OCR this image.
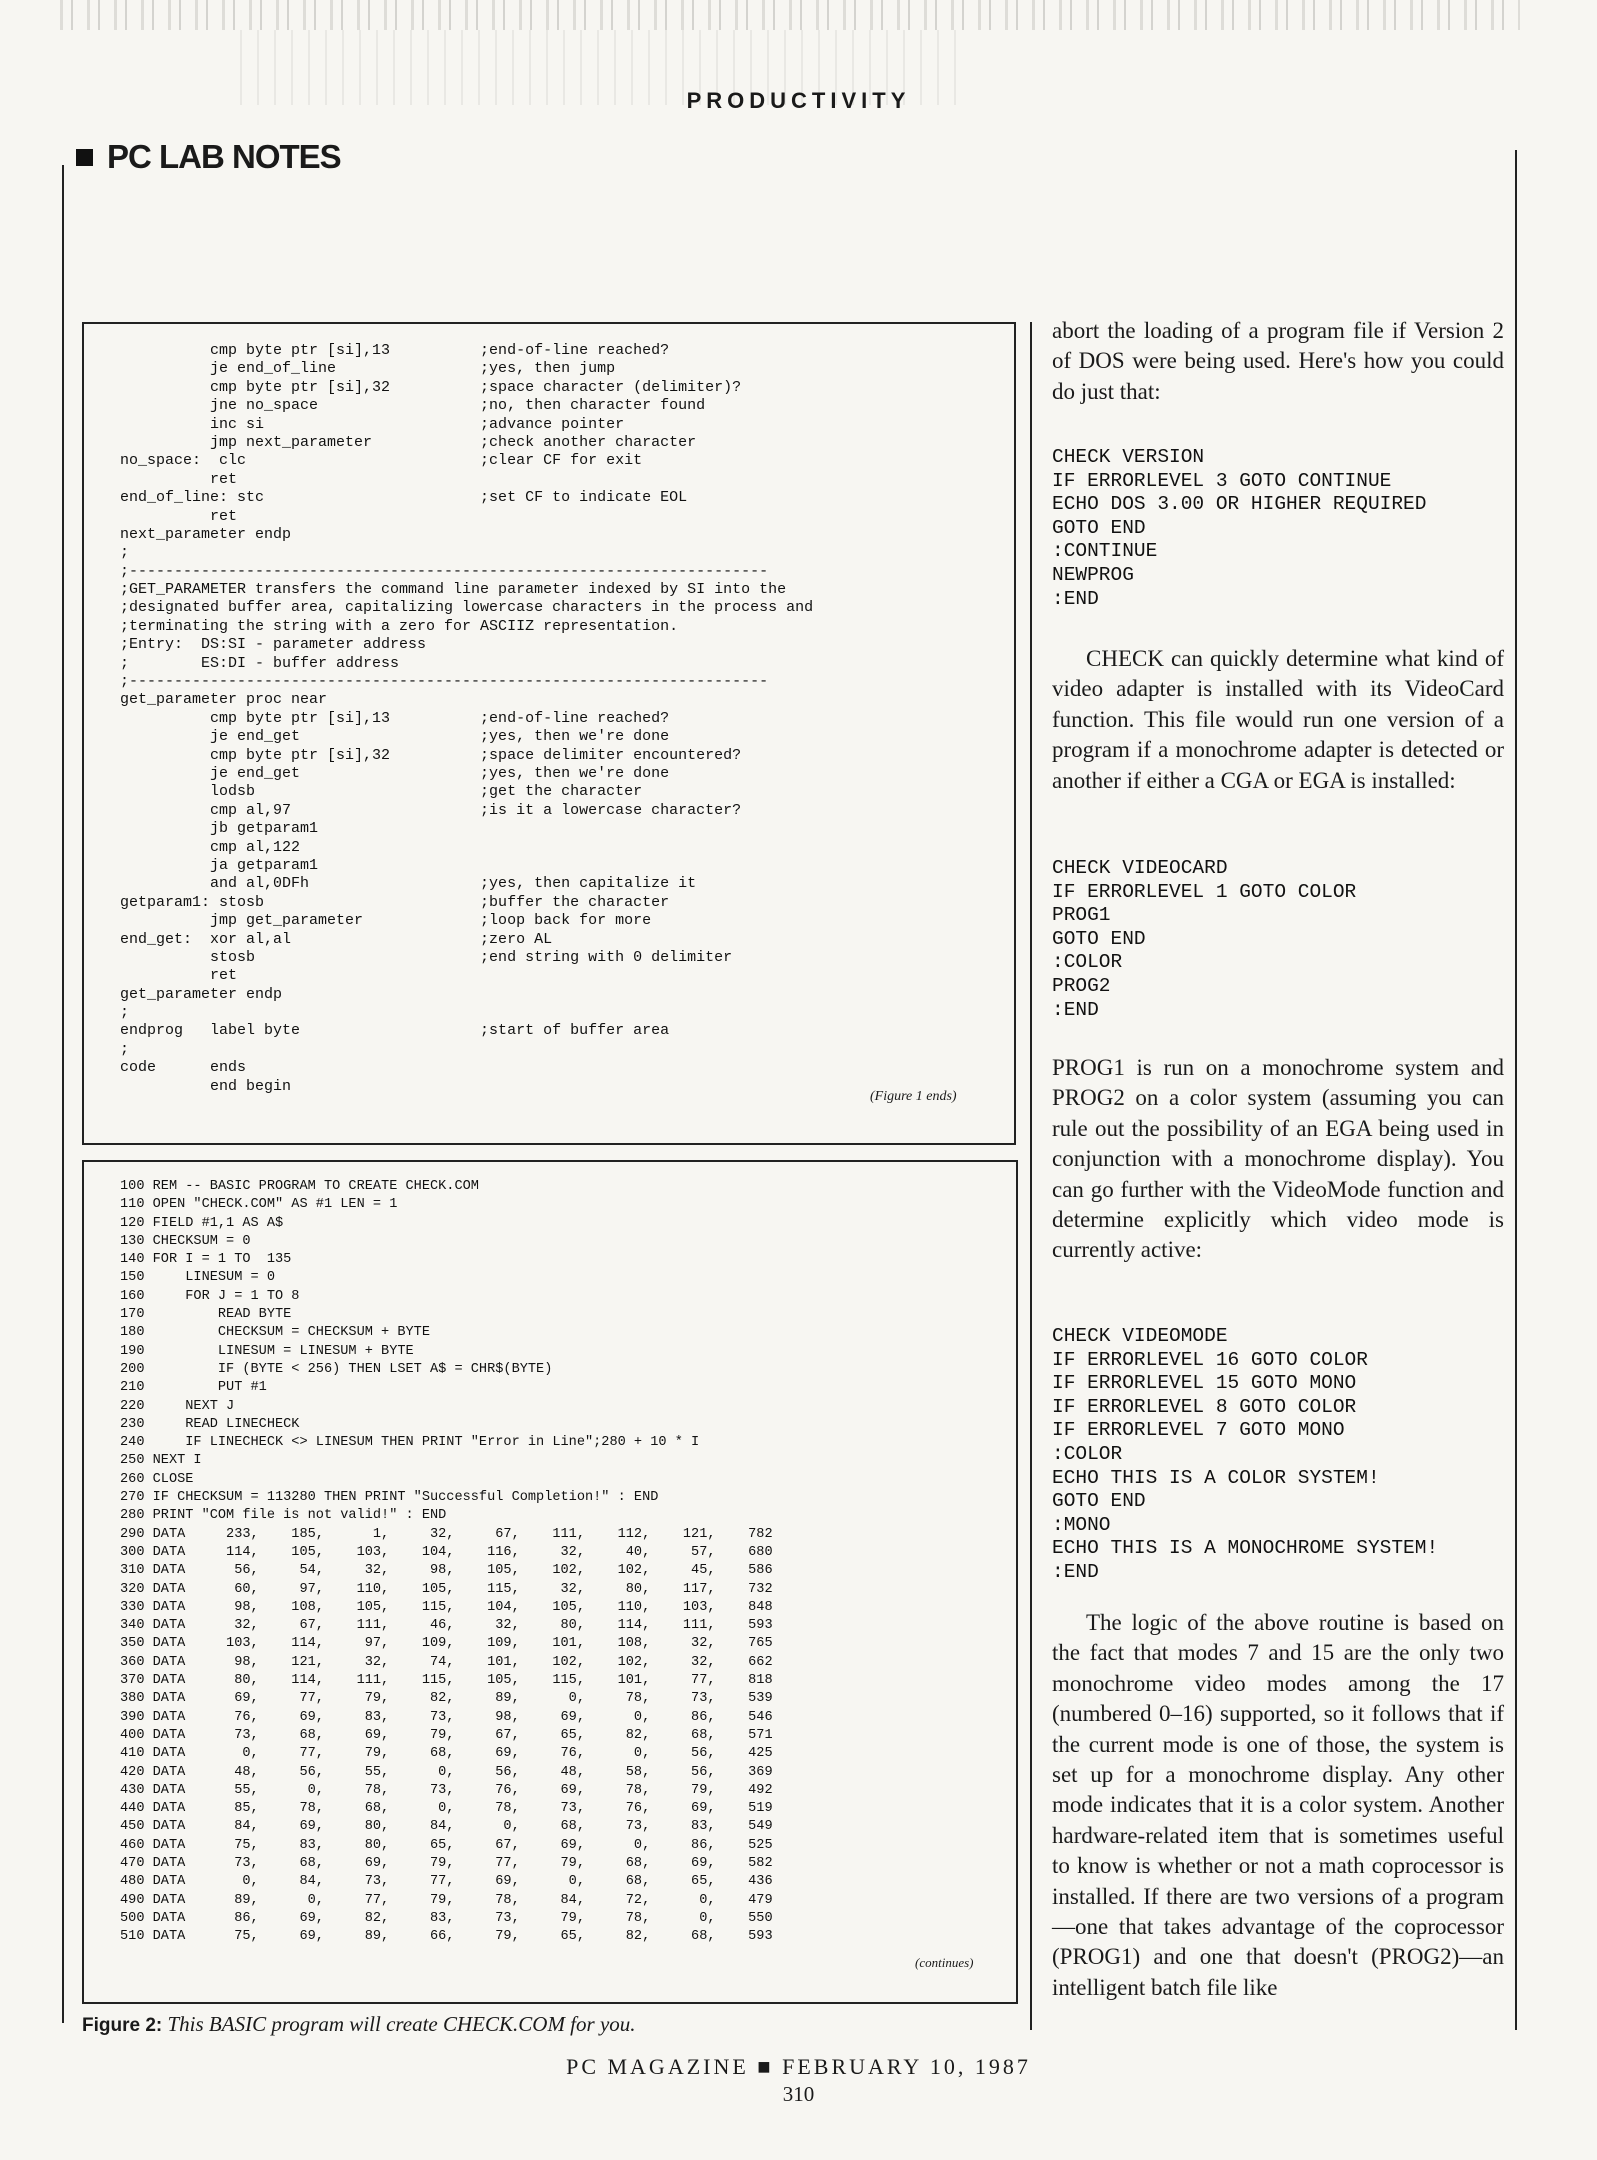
PRODUCTIVITY
PC LAB NOTES
cmp byte ptr [si],13          ;end-of-line reached?
je end_of_line                ;yes, then jump
cmp byte ptr [si],32          ;space character (delimiter)?
jne no_space                  ;no, then character found
inc si                        ;advance pointer
jmp next_parameter            ;check another character
no_space:  clc                          ;clear CF for exit
ret
end_of_line: stc                        ;set CF to indicate EOL
ret
next_parameter endp
;
;-----------------------------------------------------------------------
;GET_PARAMETER transfers the command line parameter indexed by SI into the
;designated buffer area, capitalizing lowercase characters in the process and
;terminating the string with a zero for ASCIIZ representation.
;Entry:  DS:SI - parameter address
;        ES:DI - buffer address
;-----------------------------------------------------------------------
get_parameter proc near
cmp byte ptr [si],13          ;end-of-line reached?
je end_get                    ;yes, then we're done
cmp byte ptr [si],32          ;space delimiter encountered?
je end_get                    ;yes, then we're done
lodsb                         ;get the character
cmp al,97                     ;is it a lowercase character?
jb getparam1
cmp al,122
ja getparam1
and al,0DFh                   ;yes, then capitalize it
getparam1: stosb                        ;buffer the character
jmp get_parameter             ;loop back for more
end_get:  xor al,al                     ;zero AL
stosb                         ;end string with 0 delimiter
ret
get_parameter endp
;
endprog   label byte                    ;start of buffer area
;
code      ends
end begin
(Figure 1 ends)
100 REM -- BASIC PROGRAM TO CREATE CHECK.COM
110 OPEN "CHECK.COM" AS #1 LEN = 1
120 FIELD #1,1 AS A$
130 CHECKSUM = 0
140 FOR I = 1 TO  135
150     LINESUM = 0
160     FOR J = 1 TO 8
170         READ BYTE
180         CHECKSUM = CHECKSUM + BYTE
190         LINESUM = LINESUM + BYTE
200         IF (BYTE < 256) THEN LSET A$ = CHR$(BYTE)
210         PUT #1
220     NEXT J
230     READ LINECHECK
240     IF LINECHECK <> LINESUM THEN PRINT "Error in Line";280 + 10 * I
250 NEXT I
260 CLOSE
270 IF CHECKSUM = 113280 THEN PRINT "Successful Completion!" : END
280 PRINT "COM file is not valid!" : END
290 DATA     233,    185,      1,     32,     67,    111,    112,    121,    782
300 DATA     114,    105,    103,    104,    116,     32,     40,     57,    680
310 DATA      56,     54,     32,     98,    105,    102,    102,     45,    586
320 DATA      60,     97,    110,    105,    115,     32,     80,    117,    732
330 DATA      98,    108,    105,    115,    104,    105,    110,    103,    848
340 DATA      32,     67,    111,     46,     32,     80,    114,    111,    593
350 DATA     103,    114,     97,    109,    109,    101,    108,     32,    765
360 DATA      98,    121,     32,     74,    101,    102,    102,     32,    662
370 DATA      80,    114,    111,    115,    105,    115,    101,     77,    818
380 DATA      69,     77,     79,     82,     89,      0,     78,     73,    539
390 DATA      76,     69,     83,     73,     98,     69,      0,     86,    546
400 DATA      73,     68,     69,     79,     67,     65,     82,     68,    571
410 DATA       0,     77,     79,     68,     69,     76,      0,     56,    425
420 DATA      48,     56,     55,      0,     56,     48,     58,     56,    369
430 DATA      55,      0,     78,     73,     76,     69,     78,     79,    492
440 DATA      85,     78,     68,      0,     78,     73,     76,     69,    519
450 DATA      84,     69,     80,     84,      0,     68,     73,     83,    549
460 DATA      75,     83,     80,     65,     67,     69,      0,     86,    525
470 DATA      73,     68,     69,     79,     77,     79,     68,     69,    582
480 DATA       0,     84,     73,     77,     69,      0,     68,     65,    436
490 DATA      89,      0,     77,     79,     78,     84,     72,      0,    479
500 DATA      86,     69,     82,     83,     73,     79,     78,      0,    550
510 DATA      75,     69,     89,     66,     79,     65,     82,     68,    593
(continues)
Figure 2: This BASIC program will create CHECK.COM for you.

abort the loading of a program file if Version 2 of DOS were being used. Here's how you could do just that:

CHECK VERSION
IF ERRORLEVEL 3 GOTO CONTINUE
ECHO DOS 3.00 OR HIGHER REQUIRED
GOTO END
:CONTINUE
NEWPROG
:END

CHECK can quickly determine what kind of video adapter is installed with its VideoCard function. This file would run one version of a program if a monochrome adapter is detected or another if either a CGA or EGA is installed:

CHECK VIDEOCARD
IF ERRORLEVEL 1 GOTO COLOR
PROG1
GOTO END
:COLOR
PROG2
:END

PROG1 is run on a monochrome system and PROG2 on a color system (assuming you can rule out the possibility of an EGA being used in conjunction with a monochrome display). You can go further with the VideoMode function and determine explicitly which video mode is currently active:

CHECK VIDEOMODE
IF ERRORLEVEL 16 GOTO COLOR
IF ERRORLEVEL 15 GOTO MONO
IF ERRORLEVEL 8 GOTO COLOR
IF ERRORLEVEL 7 GOTO MONO
:COLOR
ECHO THIS IS A COLOR SYSTEM!
GOTO END
:MONO
ECHO THIS IS A MONOCHROME SYSTEM!
:END

The logic of the above routine is based on the fact that modes 7 and 15 are the only two monochrome video modes among the 17 (numbered 0–16) supported, so it follows that if the current mode is one of those, the system is set up for a monochrome display. Any other mode indicates that it is a color system. Another hardware-related item that is sometimes useful to know is whether or not a math coprocessor is installed. If there are two versions of a program—one that takes advantage of the coprocessor (PROG1) and one that doesn't (PROG2)—an intelligent batch file like

PC MAGAZINE ■ FEBRUARY 10, 1987
310
